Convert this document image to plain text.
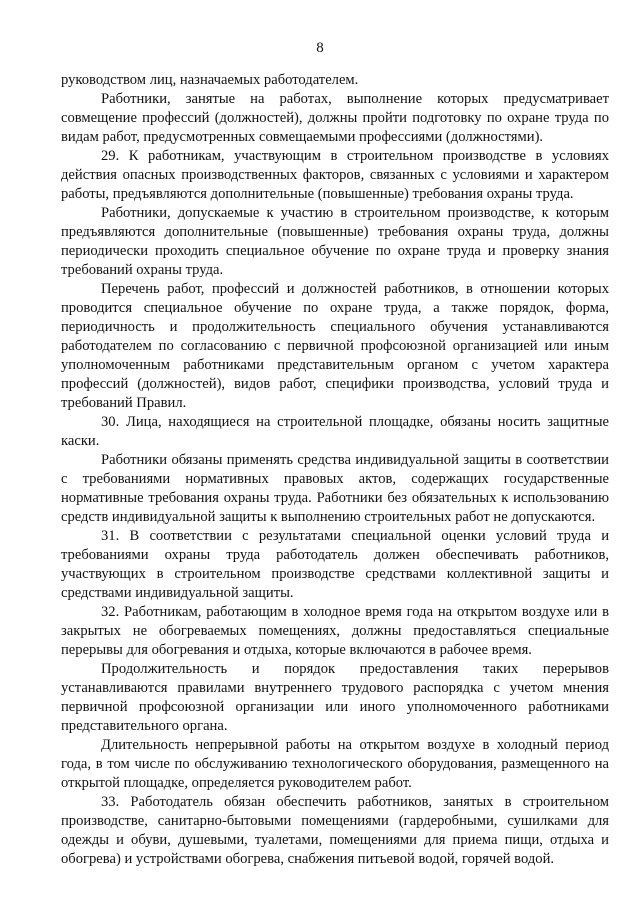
8

руководством лиц, назначаемых работодателем.

Работники, занятые на работах, выполнение которых предусматривает совмещение профессий (должностей), должны пройти подготовку по охране труда по видам работ, предусмотренных совмещаемыми профессиями (должностями).

29. К работникам, участвующим в строительном производстве в условиях действия опасных производственных факторов, связанных с условиями и характером работы, предъявляются дополнительные (повышенные) требования охраны труда.

Работники, допускаемые к участию в строительном производстве, к которым предъявляются дополнительные (повышенные) требования охраны труда, должны периодически проходить специальное обучение по охране труда и проверку знания требований охраны труда.

Перечень работ, профессий и должностей работников, в отношении которых проводится специальное обучение по охране труда, а также порядок, форма, периодичность и продолжительность специального обучения устанавливаются работодателем по согласованию с первичной профсоюзной организацией или иным уполномоченным работниками представительным органом с учетом характера профессий (должностей), видов работ, специфики производства, условий труда и требований Правил.

30. Лица, находящиеся на строительной площадке, обязаны носить защитные каски.

Работники обязаны применять средства индивидуальной защиты в соответствии с требованиями нормативных правовых актов, содержащих государственные нормативные требования охраны труда. Работники без обязательных к использованию средств индивидуальной защиты к выполнению строительных работ не допускаются.

31. В соответствии с результатами специальной оценки условий труда и требованиями охраны труда работодатель должен обеспечивать работников, участвующих в строительном производстве средствами коллективной защиты и средствами индивидуальной защиты.

32. Работникам, работающим в холодное время года на открытом воздухе или в закрытых не обогреваемых помещениях, должны предоставляться специальные перерывы для обогревания и отдыха, которые включаются в рабочее время.

Продолжительность и порядок предоставления таких перерывов устанавливаются правилами внутреннего трудового распорядка с учетом мнения первичной профсоюзной организации или иного уполномоченного работниками представительного органа.

Длительность непрерывной работы на открытом воздухе в холодный период года, в том числе по обслуживанию технологического оборудования, размещенного на открытой площадке, определяется руководителем работ.

33. Работодатель обязан обеспечить работников, занятых в строительном производстве, санитарно-бытовыми помещениями (гардеробными, сушилками для одежды и обуви, душевыми, туалетами, помещениями для приема пищи, отдыха и обогрева) и устройствами обогрева, снабжения питьевой водой, горячей водой.
